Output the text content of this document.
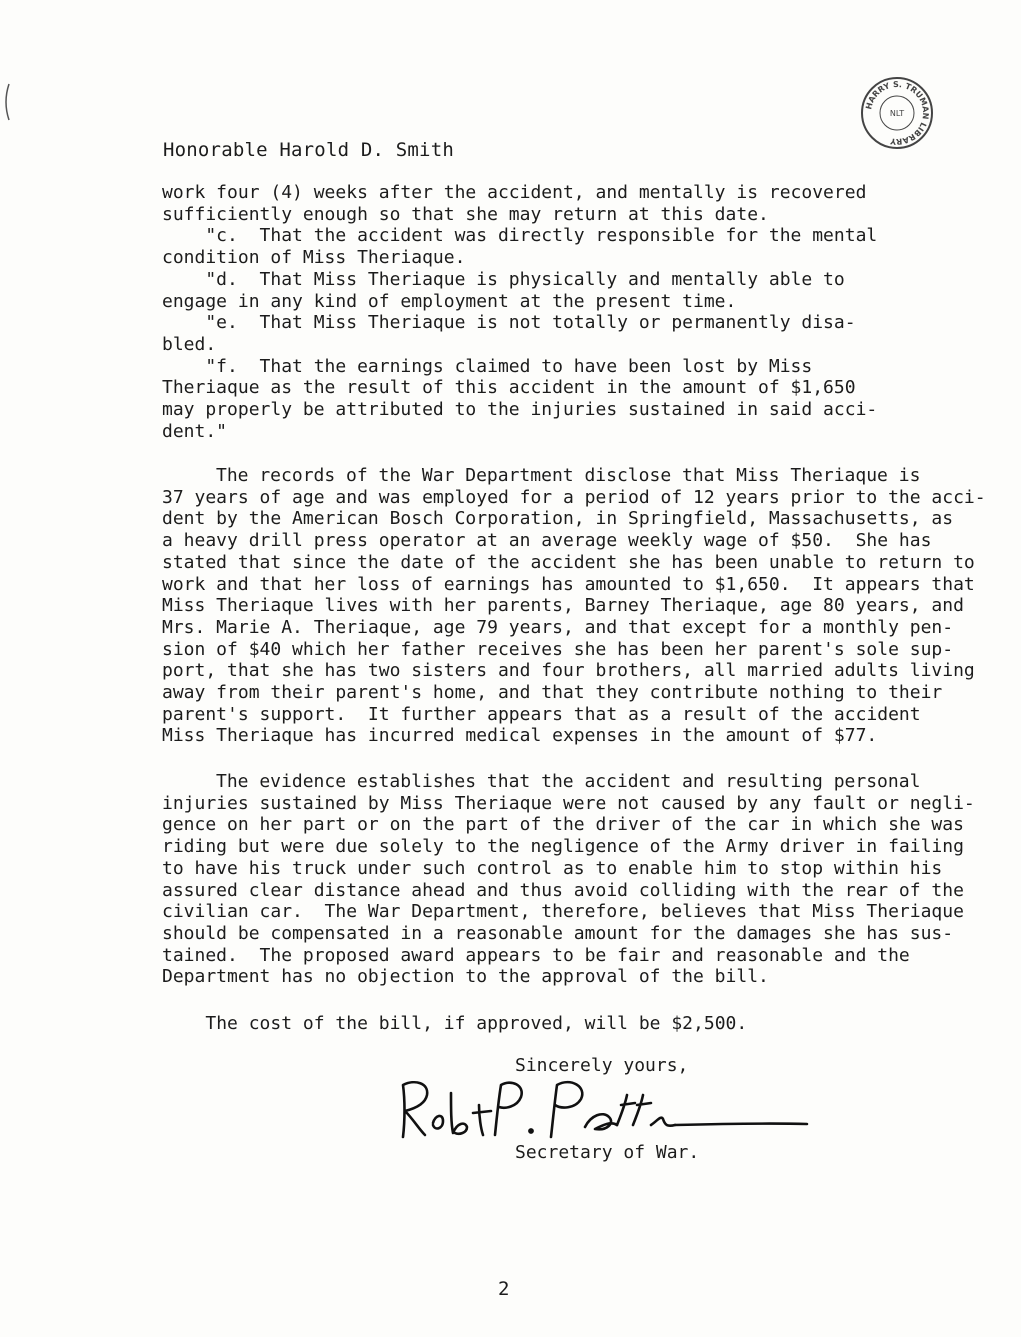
HARRY S. TRUMAN LIBRARY
NLT
Honorable Harold D. Smith
work four (4) weeks after the accident, and mentally is recovered
sufficiently enough so that she may return at this date.
"c.  That the accident was directly responsible for the mental
condition of Miss Theriaque.
"d.  That Miss Theriaque is physically and mentally able to
engage in any kind of employment at the present time.
"e.  That Miss Theriaque is not totally or permanently disa-
bled.
"f.  That the earnings claimed to have been lost by Miss
Theriaque as the result of this accident in the amount of $1,650
may properly be attributed to the injuries sustained in said acci-
dent."
The records of the War Department disclose that Miss Theriaque is
37 years of age and was employed for a period of 12 years prior to the acci-
dent by the American Bosch Corporation, in Springfield, Massachusetts, as
a heavy drill press operator at an average weekly wage of $50.  She has
stated that since the date of the accident she has been unable to return to
work and that her loss of earnings has amounted to $1,650.  It appears that
Miss Theriaque lives with her parents, Barney Theriaque, age 80 years, and
Mrs. Marie A. Theriaque, age 79 years, and that except for a monthly pen-
sion of $40 which her father receives she has been her parent's sole sup-
port, that she has two sisters and four brothers, all married adults living
away from their parent's home, and that they contribute nothing to their
parent's support.  It further appears that as a result of the accident
Miss Theriaque has incurred medical expenses in the amount of $77.
The evidence establishes that the accident and resulting personal
injuries sustained by Miss Theriaque were not caused by any fault or negli-
gence on her part or on the part of the driver of the car in which she was
riding but were due solely to the negligence of the Army driver in failing
to have his truck under such control as to enable him to stop within his
assured clear distance ahead and thus avoid colliding with the rear of the
civilian car.  The War Department, therefore, believes that Miss Theriaque
should be compensated in a reasonable amount for the damages she has sus-
tained.  The proposed award appears to be fair and reasonable and the
Department has no objection to the approval of the bill.
The cost of the bill, if approved, will be $2,500.
Sincerely yours,
Secretary of War.
2
